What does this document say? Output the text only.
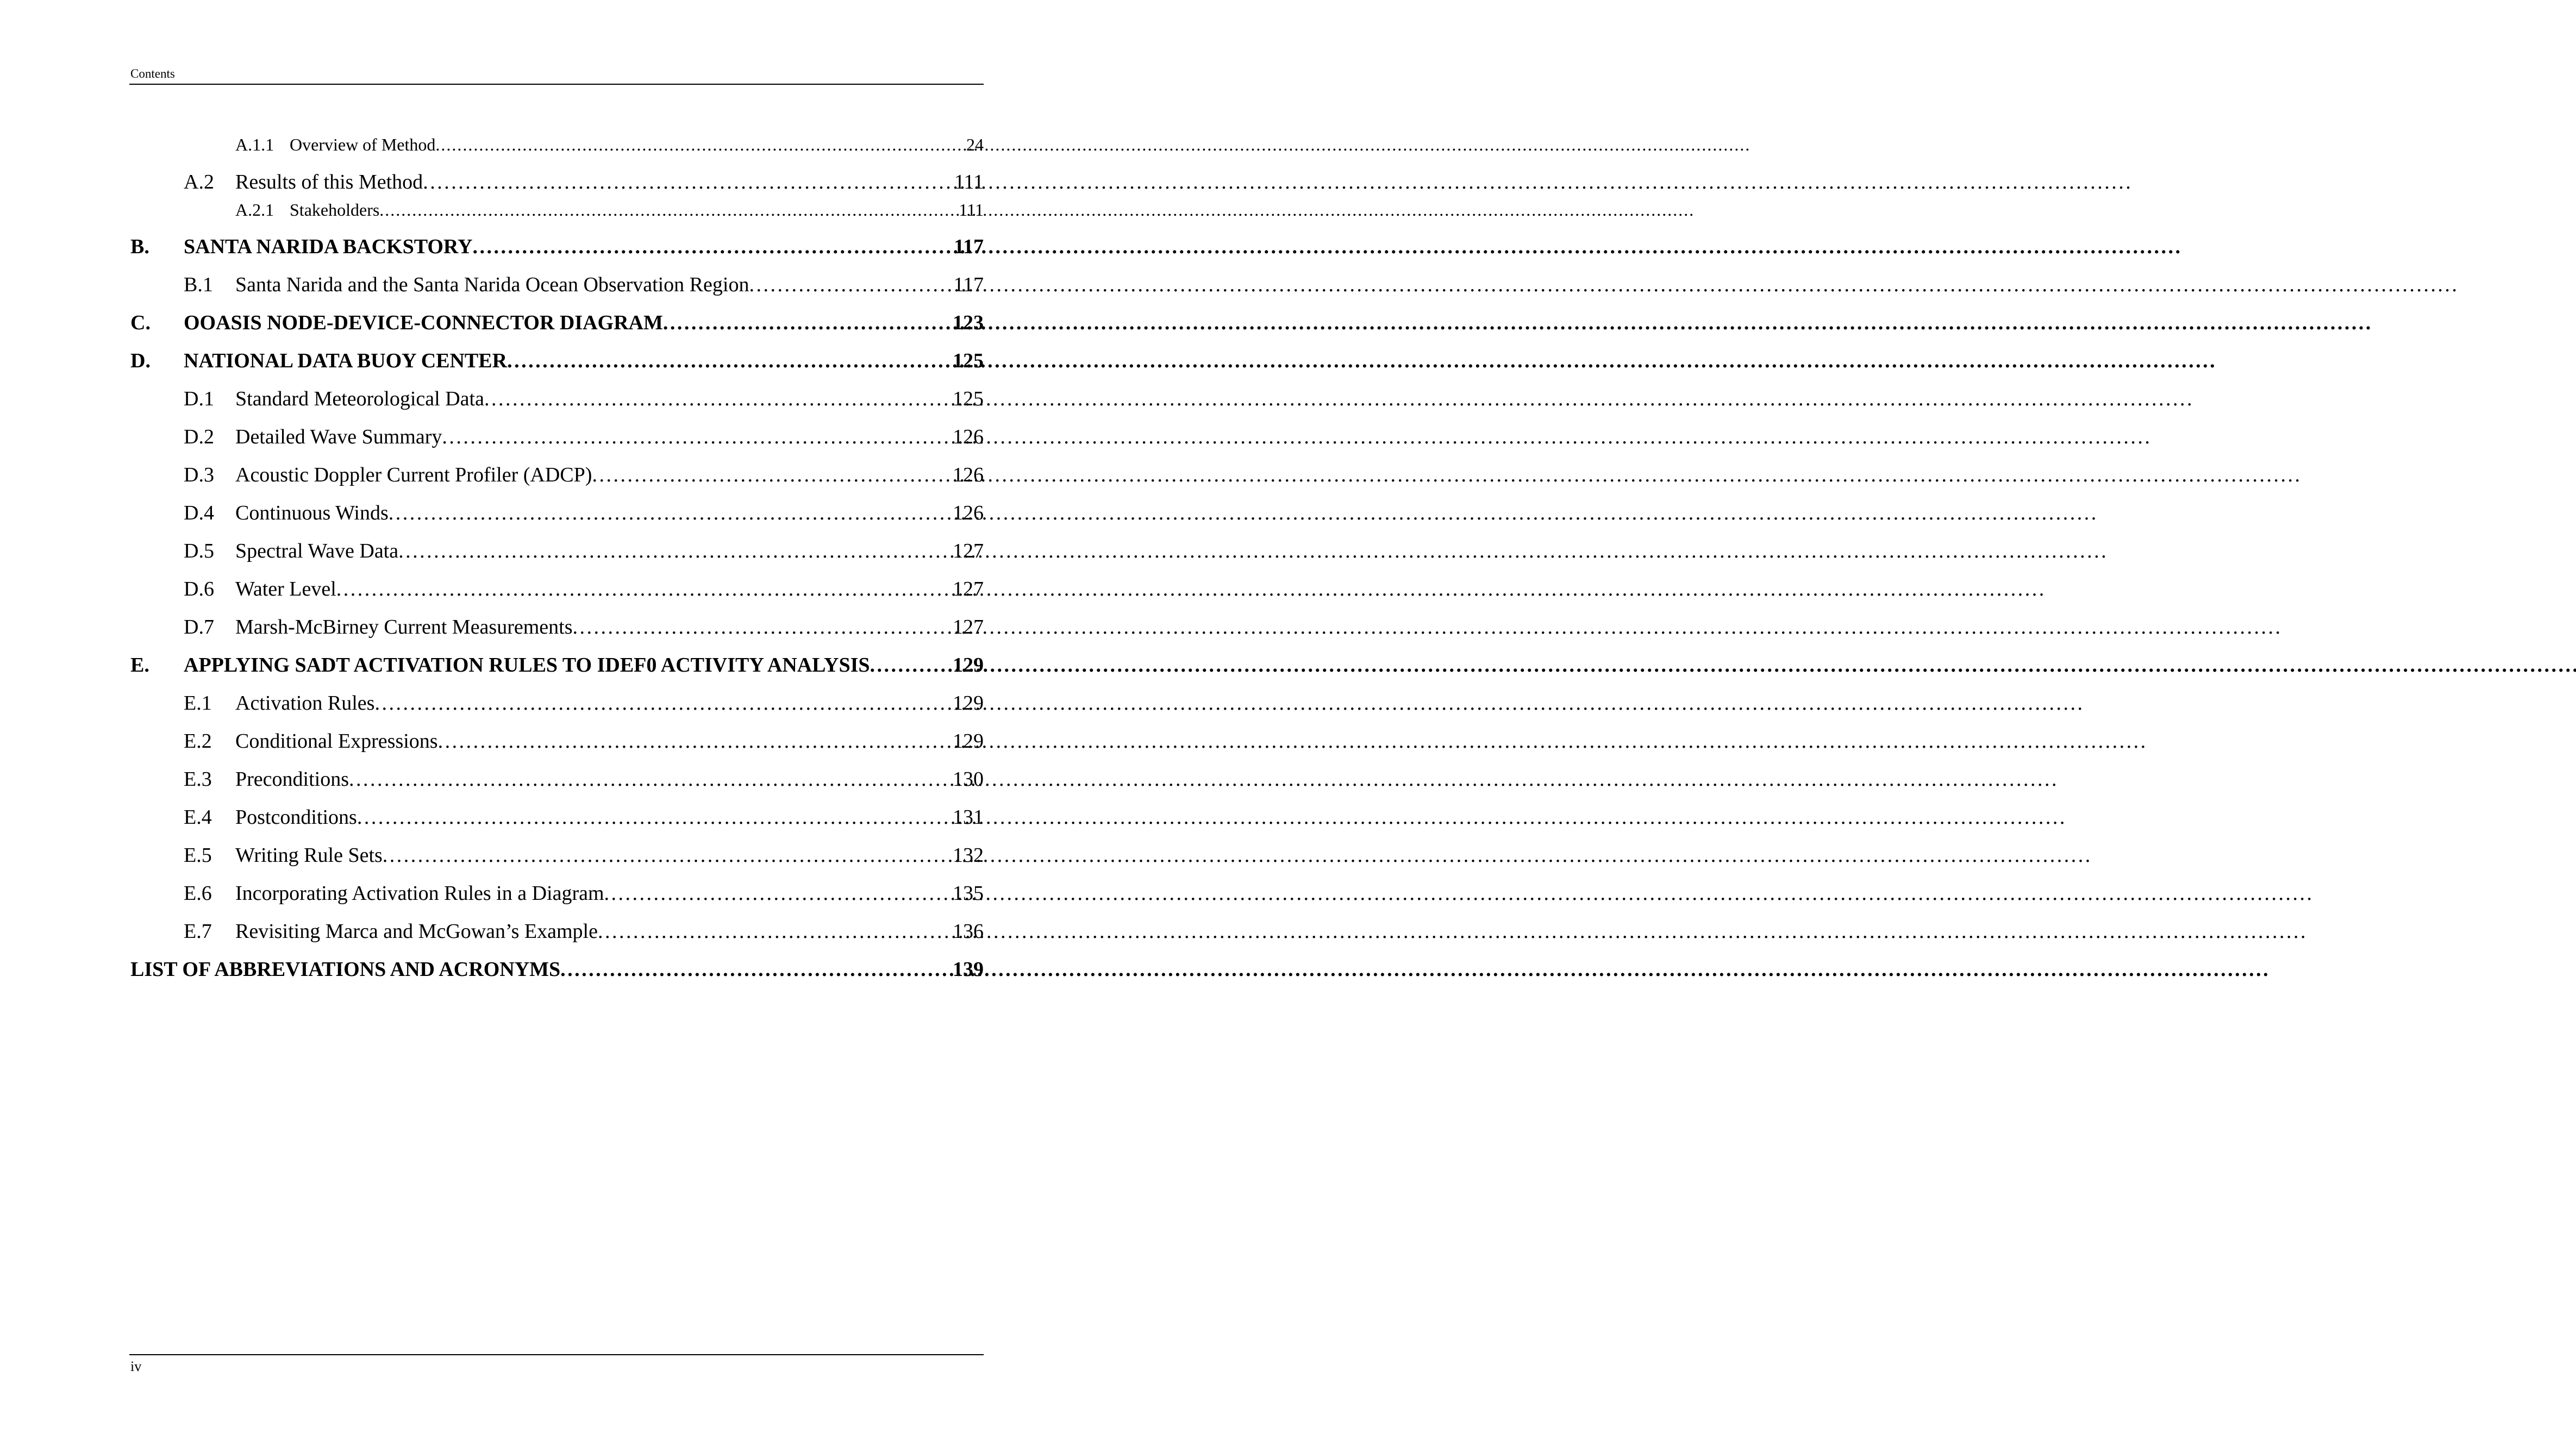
Contents
A.1.1 Overview of Method . . .	24
A.2	Results of this Method . . .	111
A.2.1 Stakeholders . . .	111
B.	SANTA NARIDA BACKSTORY . . .	117
B.1	Santa Narida and the Santa Narida Ocean Observation Region . . .	117
C.	OOASIS NODE-DEVICE-CONNECTOR DIAGRAM . . .	123
D.	NATIONAL DATA BUOY CENTER . . .	125
D.1	Standard Meteorological Data . . .	125
D.2	Detailed Wave Summary . . .	126
D.3	Acoustic Doppler Current Profiler (ADCP) . . .	126
D.4	Continuous Winds . . .	126
D.5	Spectral Wave Data . . .	127
D.6	Water Level . . .	127
D.7	Marsh-McBirney Current Measurements . . .	127
E.	APPLYING SADT ACTIVATION RULES TO IDEF0 ACTIVITY ANALYSIS . . .	129
E.1	Activation Rules . . .	129
E.2	Conditional Expressions . . .	129
E.3	Preconditions . . .	130
E.4	Postconditions . . .	131
E.5	Writing Rule Sets . . .	132
E.6	Incorporating Activation Rules in a Diagram . . .	135
E.7	Revisiting Marca and McGowan’s Example . . .	136
LIST OF ABBREVIATIONS AND ACRONYMS . . .	139
iv
